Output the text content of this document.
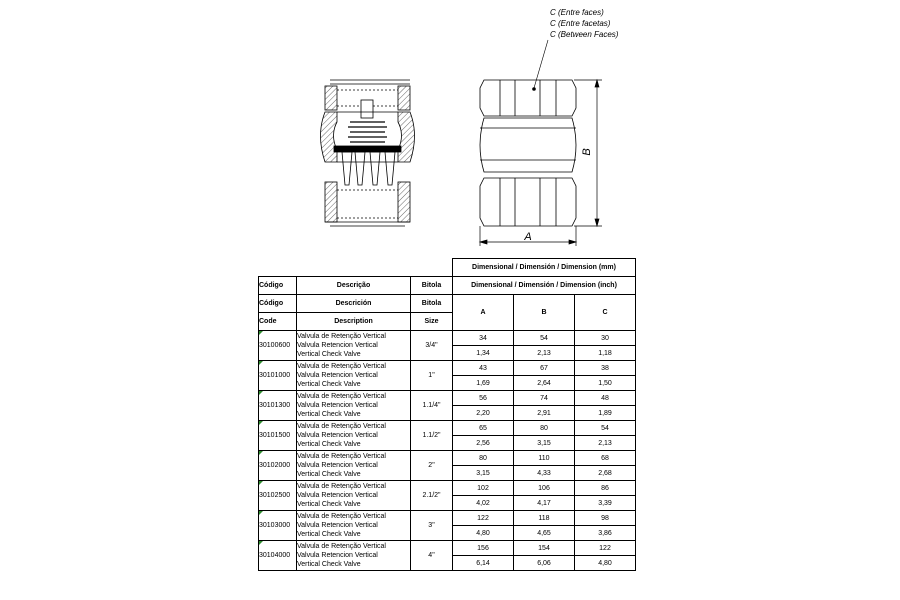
B
A
C (Entre faces)
C (Entre facetas)
C (Between Faces)
			Dimensional / Dimensión / Dimension (mm)		
Código	Descrição	Bitola	Dimensional / Dimensión / Dimension (inch)		
Código	Descrición	Bitola	A	B	C
Code	Description	Size			

30100600	Valvula de Retenção Vertical
Valvula Retencion Vertical
Vertical Check Valve	3/4"	34	54	30
			1,34	2,13	1,18

30101000	Valvula de Retenção Vertical
Valvula Retencion Vertical
Vertical Check Valve	1"	43	67	38
			1,69	2,64	1,50

30101300	Valvula de Retenção Vertical
Valvula Retencion Vertical
Vertical Check Valve	1.1/4"	56	74	48
			2,20	2,91	1,89

30101500	Valvula de Retenção Vertical
Valvula Retencion Vertical
Vertical Check Valve	1.1/2"	65	80	54
			2,56	3,15	2,13

30102000	Valvula de Retenção Vertical
Valvula Retencion Vertical
Vertical Check Valve	2"	80	110	68
			3,15	4,33	2,68

30102500	Valvula de Retenção Vertical
Valvula Retencion Vertical
Vertical Check Valve	2.1/2"	102	106	86
			4,02	4,17	3,39

30103000	Valvula de Retenção Vertical
Valvula Retencion Vertical
Vertical Check Valve	3"	122	118	98
			4,80	4,65	3,86

30104000	Valvula de Retenção Vertical
Valvula Retencion Vertical
Vertical Check Valve	4"	156	154	122
			6,14	6,06	4,80
